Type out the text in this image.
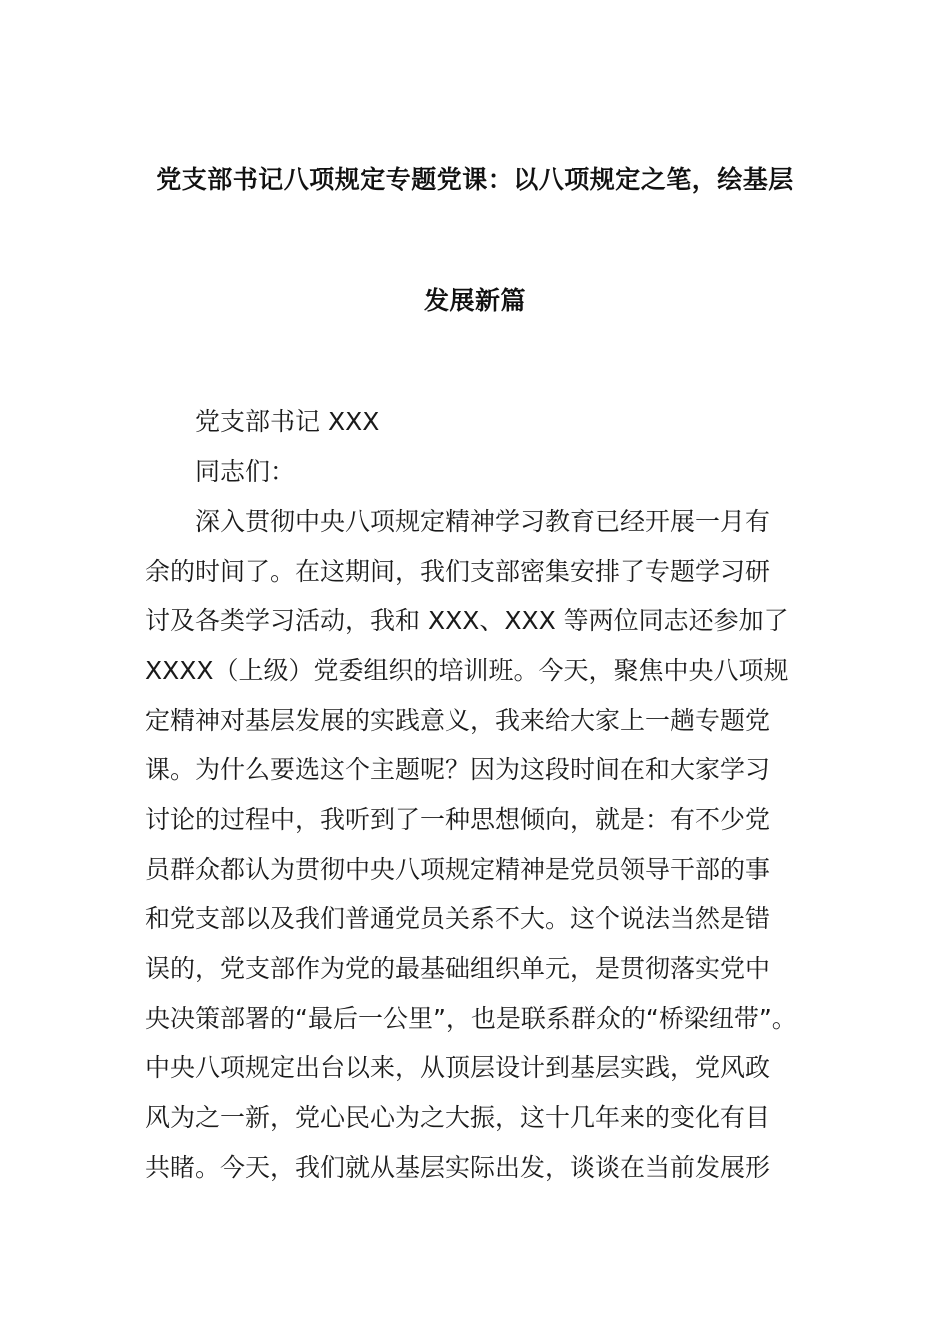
党支部书记八项规定专题党课：以八项规定之笔，绘基层
发展新篇
党支部书记 XXX
同志们：
深入贯彻中央八项规定精神学习教育已经开展一月有
余的时间了。在这期间，我们支部密集安排了专题学习研
讨及各类学习活动，我和 XXX、XXX 等两位同志还参加了
XXXX（上级）党委组织的培训班。今天，聚焦中央八项规
定精神对基层发展的实践意义，我来给大家上一趟专题党
课。为什么要选这个主题呢？因为这段时间在和大家学习
讨论的过程中，我听到了一种思想倾向，就是：有不少党
员群众都认为贯彻中央八项规定精神是党员领导干部的事
和党支部以及我们普通党员关系不大。这个说法当然是错
误的，党支部作为党的最基础组织单元，是贯彻落实党中
央决策部署的“最后一公里”，也是联系群众的“桥梁纽带”。
中央八项规定出台以来，从顶层设计到基层实践，党风政
风为之一新，党心民心为之大振，这十几年来的变化有目
共睹。今天，我们就从基层实际出发，谈谈在当前发展形
